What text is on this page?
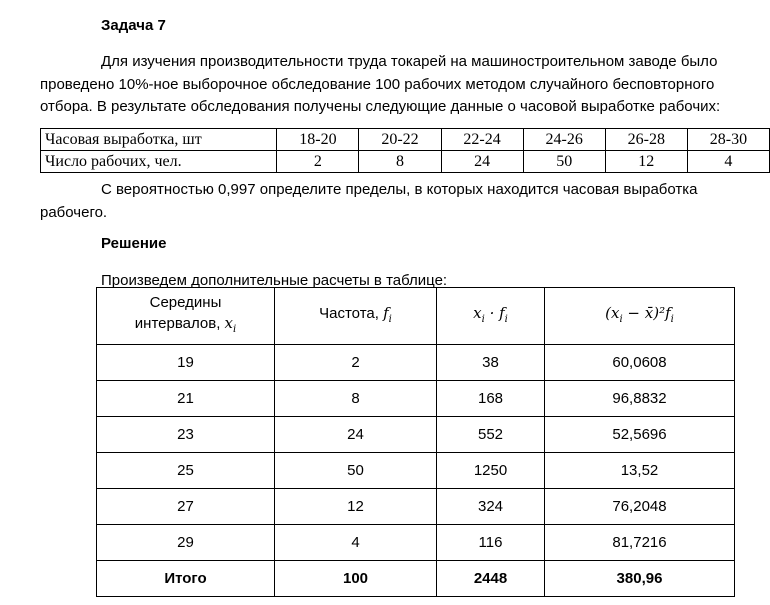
Задача 7
Для изучения производительности труда токарей на машиностроительном заводе было проведено 10%-ное выборочное обследование 100 рабочих методом случайного бесповторного отбора. В результате обследования получены следующие данные о часовой выработке рабочих:
Часовая выработка, шт	18-20	20-22	22-24	24-26	26-28	28-30
Число рабочих, чел.	2	8	24	50	12	4
С вероятностью 0,997 определите пределы, в которых находится часовая выработка рабочего.
Решение
Произведем дополнительные расчеты в таблице:
Середины
интервалов, $x_i$	Частота, $f_i$	$x_i \cdot f_i$	($x_i$ − $x̄)^2f_i$
19	2	38	60,0608
21	8	168	96,8832
23	24	552	52,5696
25	50	1250	13,52
27	12	324	76,2048
29	4	116	81,7216
Итого	100	2448	380,96
